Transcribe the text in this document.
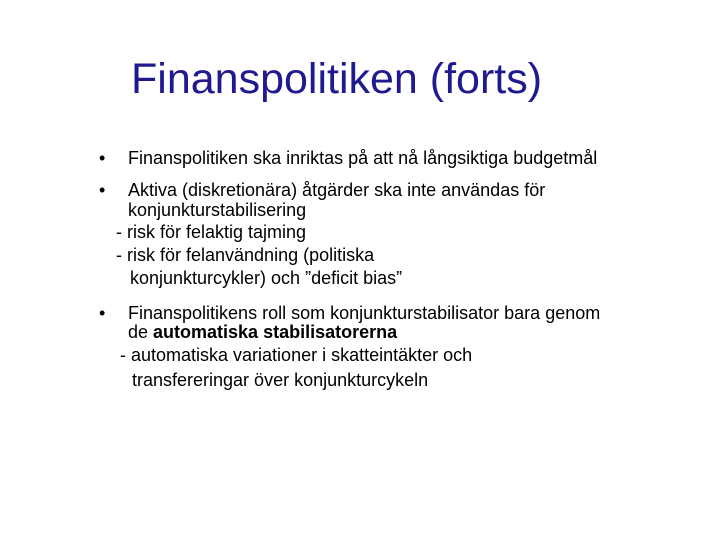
Finanspolitiken (forts)
• Finanspolitiken ska inriktas på att nå långsiktiga budgetmål
• Aktiva (diskretionära) åtgärder ska inte användas för
konjunkturstabilisering
- risk för felaktig tajming
- risk för felanvändning (politiska
konjunkturcykler) och ”deficit bias”
• Finanspolitikens roll som konjunkturstabilisator bara genom
de automatiska stabilisatorerna
- automatiska variationer i skatteintäkter och
transfereringar över konjunkturcykeln
